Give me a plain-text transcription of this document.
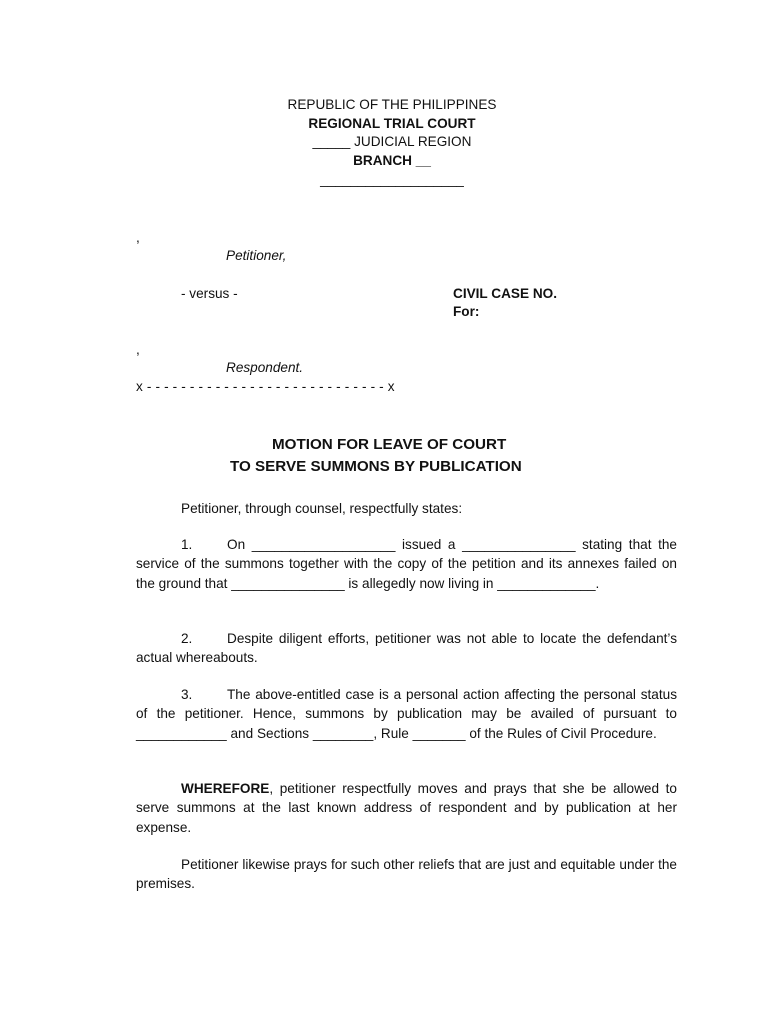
REPUBLIC OF THE PHILIPPINES
REGIONAL TRIAL COURT
_____ JUDICIAL REGION
BRANCH __
___________________
,
Petitioner,
- versus -	CIVIL CASE NO.
For:
,
Respondent.
x - - - - - - - - - - - - - - - - - - - - - - - - - - - - x
MOTION FOR LEAVE OF COURT
TO SERVE SUMMONS BY PUBLICATION
Petitioner, through counsel, respectfully states:
1.	On ___________________ issued a _______________ stating that the service of the summons together with the copy of the petition and its annexes failed on the ground that _______________ is allegedly now living in _____________.
2.	Despite diligent efforts, petitioner was not able to locate the defendant’s actual whereabouts.
3.	The above-entitled case is a personal action affecting the personal status of the petitioner. Hence, summons by publication may be availed of pursuant to ____________ and Sections ________, Rule _______ of the Rules of Civil Procedure.
WHEREFORE, petitioner respectfully moves and prays that she be allowed to serve summons at the last known address of respondent and by publication at her expense.
Petitioner likewise prays for such other reliefs that are just and equitable under the premises.
